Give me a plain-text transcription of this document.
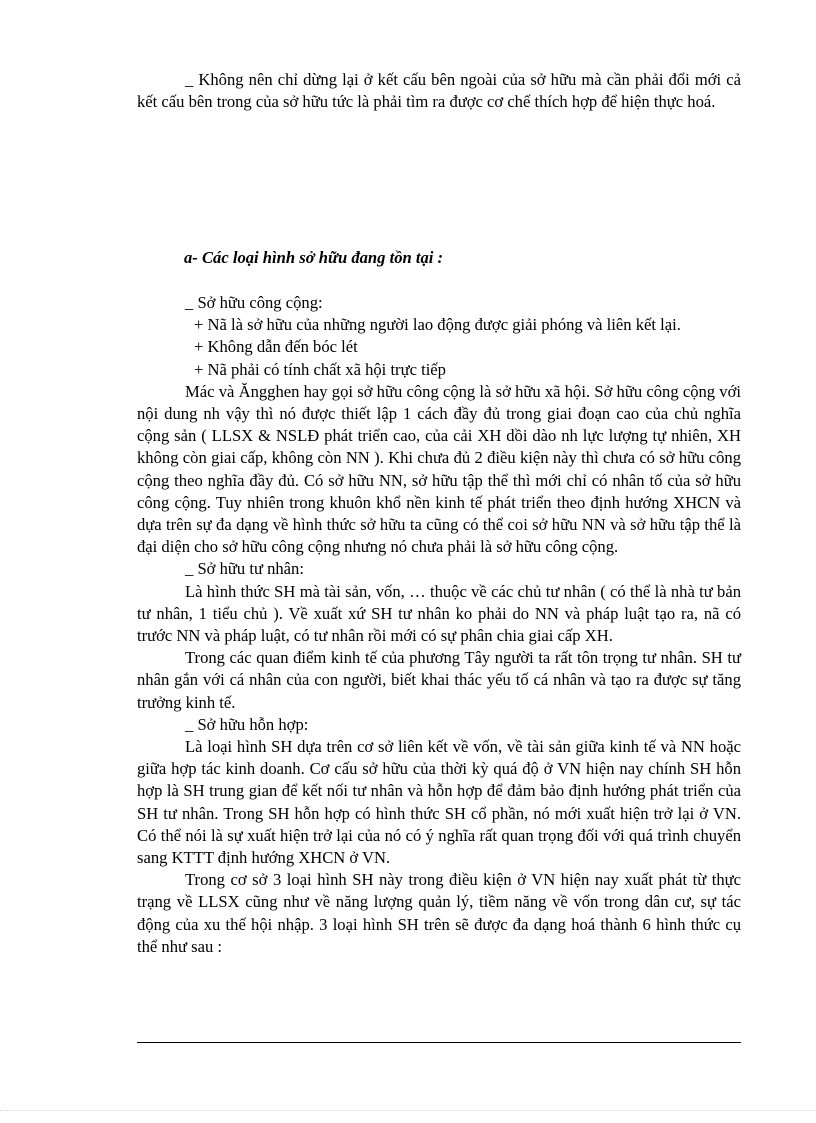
_ Không nên chỉ dừng lại ở kết cấu bên ngoài của sở hữu mà cần phải đổi mới cả kết cấu bên trong của sở hữu tức là phải tìm ra được cơ chế thích hợp để hiện thực hoá.

a- Các loại hình sở hữu đang tồn tại :

_ Sở hữu công cộng:

+ Nã là sở hữu của những người lao động được giải phóng và liên kết lại.

+ Không dẫn đến bóc lét

+ Nã phải có tính chất xã hội trực tiếp

Mác và Ăngghen hay gọi sở hữu công cộng là sở hữu xã hội. Sở hữu công cộng với nội dung nh vậy thì nó được thiết lập 1 cách đầy đủ trong giai đoạn cao của chủ nghĩa cộng sản ( LLSX & NSLĐ phát triển cao, của cải XH dồi dào nh lực lượng tự nhiên, XH không còn giai cấp, không còn NN ). Khi chưa đủ 2 điều kiện này thì chưa có sở hữu công cộng theo nghĩa đầy đủ. Có sở hữu NN, sở hữu tập thể thì mới chỉ có nhân tố của sở hữu công cộng. Tuy nhiên trong khuôn khổ nền kinh tế phát triển theo định hướng XHCN và dựa trên sự đa dạng về hình thức sở hữu ta cũng có thể coi sở hữu NN và sở hữu tập thể là đại diện cho sở hữu công cộng nhưng nó chưa phải là sở hữu công cộng.

_ Sở hữu tư nhân:

Là hình thức SH mà tài sản, vốn, … thuộc về các chủ tư nhân ( có thể là nhà tư bản tư nhân, 1 tiểu chủ ). Về xuất xứ SH tư nhân ko phải do NN và pháp luật tạo ra, nã có trước NN và pháp luật, có tư nhân rồi mới có sự phân chia giai cấp XH.

Trong các quan điểm kinh tế của phương Tây người ta rất tôn trọng tư nhân. SH tư nhân gắn với cá nhân của con người, biết khai thác yếu tố cá nhân và tạo ra được sự tăng trưởng kinh tế.

_ Sở hữu hỗn hợp:

Là loại hình SH dựa trên cơ sở liên kết về vốn, về tài sản giữa kinh tế và NN hoặc giữa hợp tác kinh doanh. Cơ cấu sở hữu của thời kỳ quá độ ở VN hiện nay chính SH hỗn hợp là SH trung gian để kết nối tư nhân và hỗn hợp để đảm bảo định hướng phát triển của SH tư nhân. Trong SH hỗn hợp có hình thức SH cổ phần, nó mới xuất hiện trở lại ở VN. Có thể nói là sự xuất hiện trở lại của nó có ý nghĩa rất quan trọng đối với quá trình chuyển sang KTTT định hướng XHCN ở VN.

Trong cơ sở 3 loại hình SH này trong điều kiện ở VN hiện nay xuất phát từ thực trạng về LLSX cũng như về năng lượng quản lý, tiềm năng về vốn trong dân cư, sự tác động của xu thế hội nhập. 3 loại hình SH trên sẽ được đa dạng hoá thành 6 hình thức cụ thể như sau :
